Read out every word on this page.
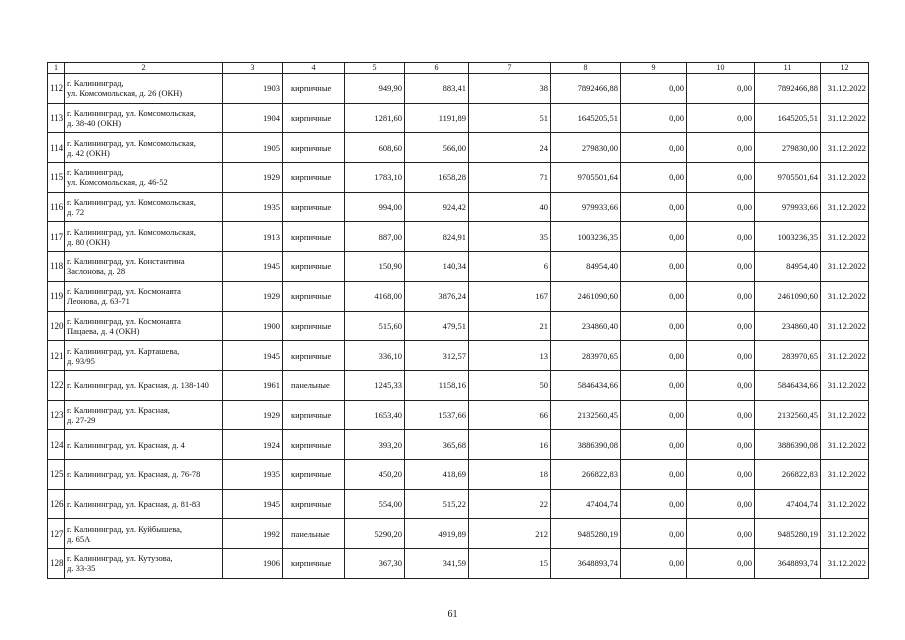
1	2	3	4	5	6	7	8	9	10	11	12
112	г. Калининград,
ул. Комсомольская, д. 26 (ОКН)	1903	кирпичные	949,90	883,41	38	7892466,88	0,00	0,00	7892466,88	31.12.2022
113	г. Калининград, ул. Комсомольская,
д. 38-40 (ОКН)	1904	кирпичные	1281,60	1191,89	51	1645205,51	0,00	0,00	1645205,51	31.12.2022
114	г. Калининград, ул. Комсомольская,
д. 42 (ОКН)	1905	кирпичные	608,60	566,00	24	279830,00	0,00	0,00	279830,00	31.12.2022
115	г. Калининград,
ул. Комсомольская, д. 46-52	1929	кирпичные	1783,10	1658,28	71	9705501,64	0,00	0,00	9705501,64	31.12.2022
116	г. Калининград, ул. Комсомольская,
д. 72	1935	кирпичные	994,00	924,42	40	979933,66	0,00	0,00	979933,66	31.12.2022
117	г. Калининград, ул. Комсомольская,
д. 80 (ОКН)	1913	кирпичные	887,00	824,91	35	1003236,35	0,00	0,00	1003236,35	31.12.2022
118	г. Калининград, ул. Константина
Заслонова, д. 28	1945	кирпичные	150,90	140,34	6	84954,40	0,00	0,00	84954,40	31.12.2022
119	г. Калининград, ул. Космонавта
Леонова, д. 63-71	1929	кирпичные	4168,00	3876,24	167	2461090,60	0,00	0,00	2461090,60	31.12.2022
120	г. Калининград, ул. Космонавта
Пацаева, д. 4 (ОКН)	1900	кирпичные	515,60	479,51	21	234860,40	0,00	0,00	234860,40	31.12.2022
121	г. Калининград, ул. Карташева,
д. 93/95	1945	кирпичные	336,10	312,57	13	283970,65	0,00	0,00	283970,65	31.12.2022
122	г. Калининград, ул. Красная, д. 138-140	1961	панельные	1245,33	1158,16	50	5846434,66	0,00	0,00	5846434,66	31.12.2022
123	г. Калининград, ул. Красная,
д. 27-29	1929	кирпичные	1653,40	1537,66	66	2132560,45	0,00	0,00	2132560,45	31.12.2022
124	г. Калининград, ул. Красная, д. 4	1924	кирпичные	393,20	365,68	16	3886390,08	0,00	0,00	3886390,08	31.12.2022
125	г. Калининград, ул. Красная, д. 76-78	1935	кирпичные	450,20	418,69	18	266822,83	0,00	0,00	266822,83	31.12.2022
126	г. Калининград, ул. Красная, д. 81-83	1945	кирпичные	554,00	515,22	22	47404,74	0,00	0,00	47404,74	31.12.2022
127	г. Калининград, ул. Куйбышева,
д. 65А	1992	панельные	5290,20	4919,89	212	9485280,19	0,00	0,00	9485280,19	31.12.2022
128	г. Калининград, ул. Кутузова,
д. 33-35	1906	кирпичные	367,30	341,59	15	3648893,74	0,00	0,00	3648893,74	31.12.2022
61
